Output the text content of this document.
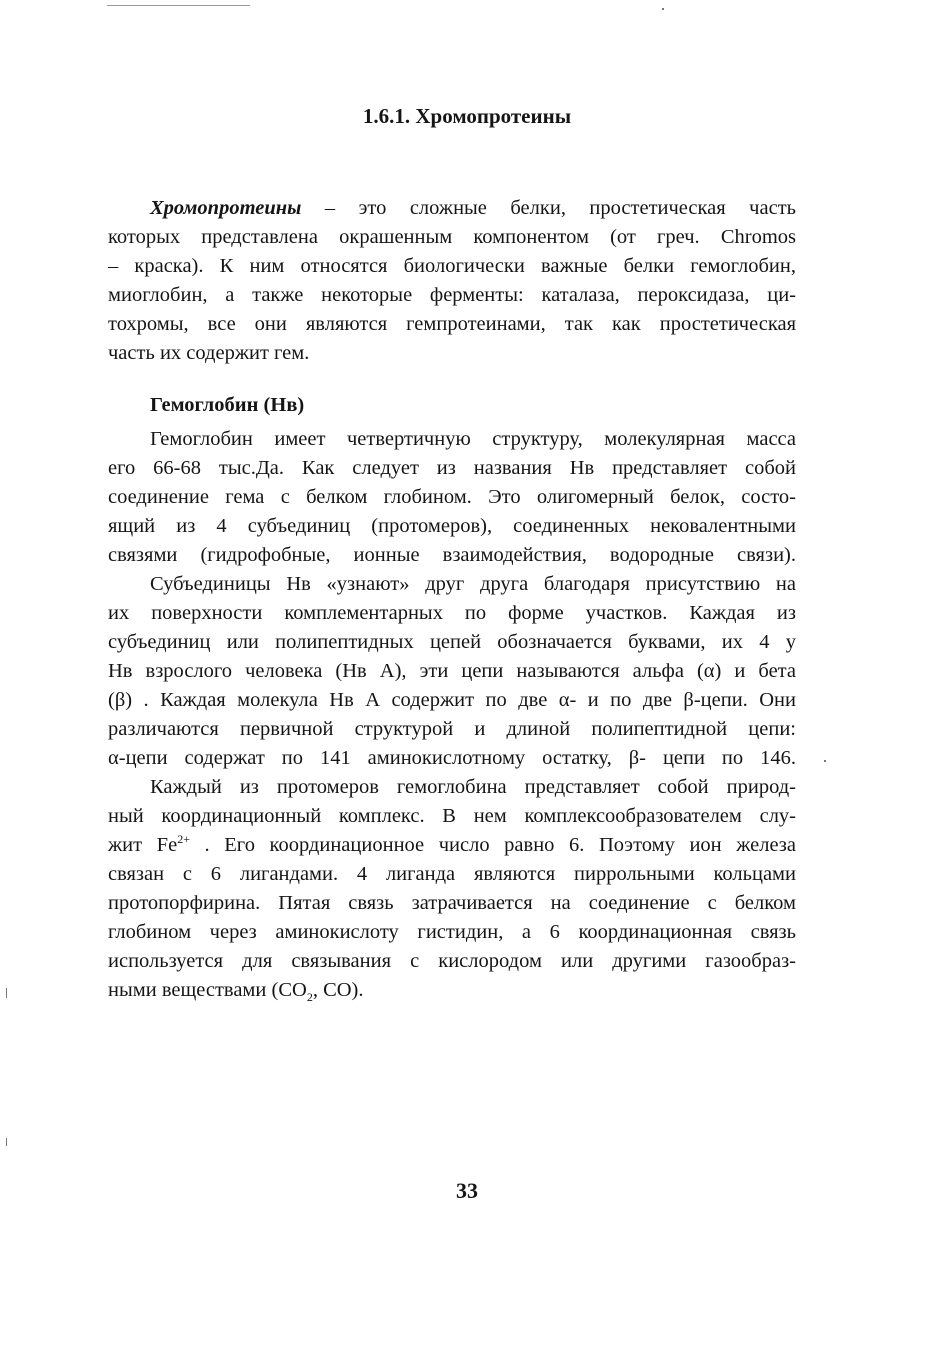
1.6.1. Хромопротеины
Хромопротеины – это сложные белки, простетическая часть
которых представлена окрашенным компонентом (от греч. Chromos
– краска). К ним относятся биологически важные белки гемоглобин,
миоглобин, а также некоторые ферменты: каталаза, пероксидаза, ци-
тохромы, все они являются гемпротеинами, так как простетическая
часть их содержит гем.
Гемоглобин (Нв)
Гемоглобин имеет четвертичную структуру, молекулярная масса
его 66-68 тыс.Да. Как следует из названия Нв представляет собой
соединение гема с белком глобином. Это олигомерный белок, состо-
ящий из 4 субъединиц (протомеров), соединенных нековалентными
связями (гидрофобные, ионные взаимодействия, водородные связи).
Субъединицы Нв «узнают» друг друга благодаря присутствию на
их поверхности комплементарных по форме участков. Каждая из
субъединиц или полипептидных цепей обозначается буквами, их 4 у
Нв взрослого человека (Нв А), эти цепи называются альфа (α) и бета
(β) . Каждая молекула Нв А содержит по две α- и по две β-цепи. Они
различаются первичной структурой и длиной полипептидной цепи:
α-цепи содержат по 141 аминокислотному остатку, β- цепи по 146.
Каждый из протомеров гемоглобина представляет собой природ-
ный координационный комплекс. В нем комплексообразователем слу-
жит $Fe^{2+}$ . Его координационное число равно 6. Поэтому ион железа
связан с 6 лигандами. 4 лиганда являются пиррольными кольцами
протопорфирина. Пятая связь затрачивается на соединение с белком
глобином через аминокислоту гистидин, а 6 координационная связь
используется для связывания с кислородом или другими газообраз-
ными веществами ($CO_2$, CO).
33
